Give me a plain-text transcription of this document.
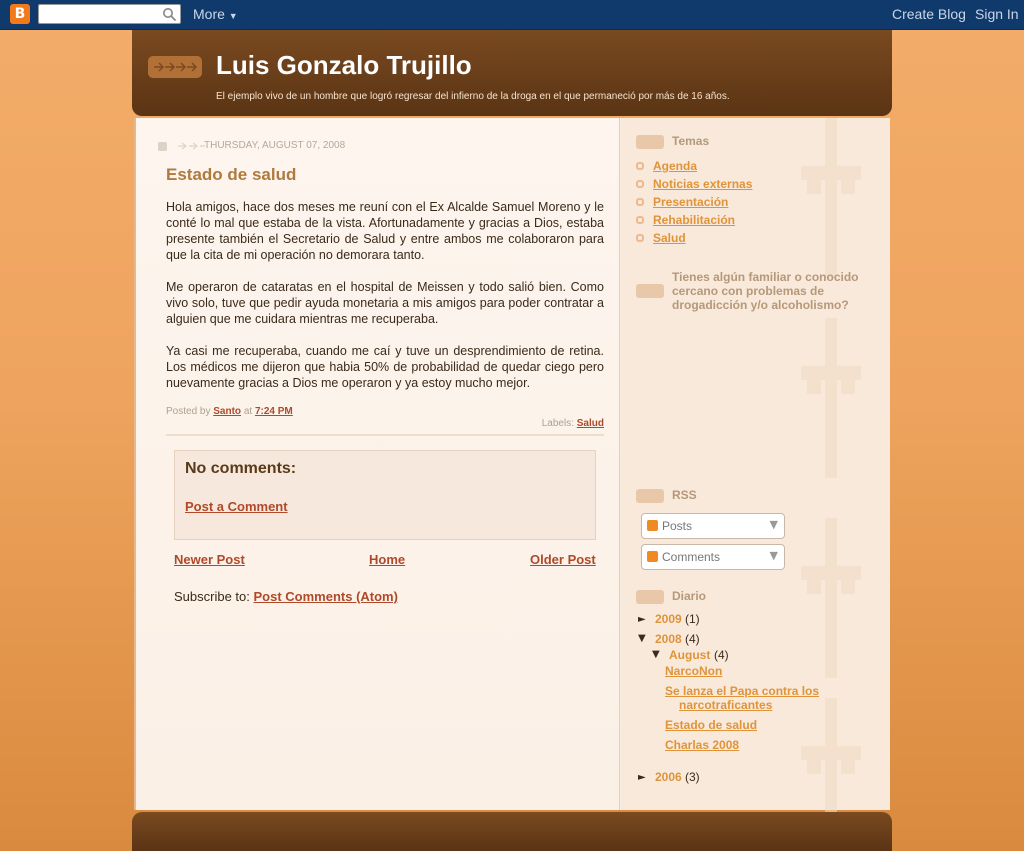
B	More ▼	Create Blog Sign In
Luis Gonzalo Trujillo
El ejemplo vivo de un hombre que logró regresar del infierno de la droga en el que permaneció por más de 16 años.
THURSDAY, AUGUST 07, 2008
Estado de salud

Hola amigos, hace dos meses me reuní con el Ex Alcalde Samuel Moreno y le conté lo mal que estaba de la vista. Afortunadamente y gracias a Dios, estaba presente también el Secretario de Salud y entre ambos me colaboraron para que la cita de mi operación no demorara tanto.

Me operaron de cataratas en el hospital de Meissen y todo salió bien. Como vivo solo, tuve que pedir ayuda monetaria a mis amigos para poder contratar a alguien que me cuidara mientras me recuperaba.

Ya casi me recuperaba, cuando me caí y tuve un desprendimiento de retina. Los médicos me dijeron que habia 50% de probabilidad de quedar ciego pero nuevamente gracias a Dios me operaron y ya estoy mucho mejor.

Posted by Santo at 7:24 PM
Labels: Salud
No comments:
Post a Comment
Newer Post	Home	Older Post
Subscribe to: Post Comments (Atom)
Temas
Agenda
Noticias externas
Presentación
Rehabilitación
Salud
Tienes algún familiar o conocido cercano con problemas de drogadicción y/o alcoholismo?
RSS
Posts	▼
Comments	▼
Diario
► 2009 (1)
▼ 2008 (4)
▼ August (4)
NarcoNon
Se lanza el Papa contra los narcotraficantes
Estado de salud
Charlas 2008
► 2006 (3)
